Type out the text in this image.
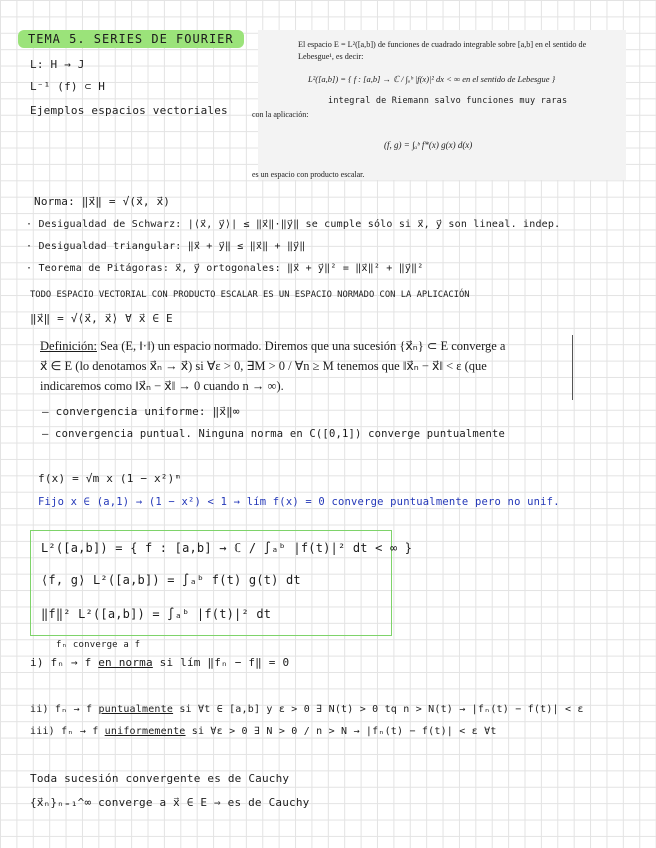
TEMA 5. SERIES DE FOURIER
L: H → J
L⁻¹ (f) ⊂ H
Ejemplos espacios vectoriales
El espacio E = L²([a,b]) de funciones de cuadrado integrable sobre [a,b] en el sentido de Lebesgue¹, es decir:
L²([a,b]) = { f : [a,b] → ℂ / ∫ₐᵇ |f(x)|² dx < ∞ en el sentido de Lebesgue }
integral de Riemann salvo funciones muy raras
con la aplicación:
(f, g) = ∫ₐᵇ f*(x) g(x) d(x)
es un espacio con producto escalar.
Norma: ‖x⃗‖ = √(x⃗, x⃗)
· Desigualdad de Schwarz: |⟨x⃗, y⃗⟩| ≤ ‖x⃗‖·‖y⃗‖ se cumple sólo si x⃗, y⃗ son lineal. indep.
· Desigualdad triangular: ‖x⃗ + y⃗‖ ≤ ‖x⃗‖ + ‖y⃗‖
· Teorema de Pitágoras: x⃗, y⃗ ortogonales: ‖x⃗ + y⃗‖² = ‖x⃗‖² + ‖y⃗‖²
TODO ESPACIO VECTORIAL CON PRODUCTO ESCALAR ES UN ESPACIO NORMADO CON LA APLICACIÓN
‖x⃗‖ = √⟨x⃗, x⃗⟩ ∀ x⃗ ∈ E
Definición: Sea (E, ‖·‖) un espacio normado. Diremos que una sucesión {x⃗ₙ} ⊂ E converge a
x⃗ ∈ E (lo denotamos x⃗ₙ → x⃗) si ∀ε > 0, ∃M > 0 / ∀n ≥ M tenemos que ‖x⃗ₙ − x⃗‖ < ε (que
indicaremos como ‖x⃗ₙ − x⃗‖ → 0 cuando n → ∞).
– convergencia uniforme: ‖x⃗‖∞
– convergencia puntual. Ninguna norma en C([0,1]) converge puntualmente
f(x) = √m x (1 − x²)ᵐ
Fijo x ∈ (a,1) → (1 − x²) < 1 → lím f(x) = 0 converge puntualmente pero no unif.
L²([a,b]) = { f : [a,b] → ℂ / ∫ₐᵇ |f(t)|² dt < ∞ }
⟨f, g⟩ L²([a,b]) = ∫ₐᵇ f(t) g(t) dt
‖f‖² L²([a,b]) = ∫ₐᵇ |f(t)|² dt
fₙ converge a f
i) fₙ → f en norma si lím ‖fₙ − f‖ = 0
ii) fₙ → f puntualmente si ∀t ∈ [a,b] y ε > 0 ∃ N(t) > 0 tq n > N(t) → |fₙ(t) − f(t)| < ε
iii) fₙ → f uniformemente si ∀ε > 0 ∃ N > 0 / n > N → |fₙ(t) − f(t)| < ε ∀t
Toda sucesión convergente es de Cauchy
{x⃗ₙ}ₙ₌₁^∞ converge a x⃗ ∈ E ⇒ es de Cauchy
